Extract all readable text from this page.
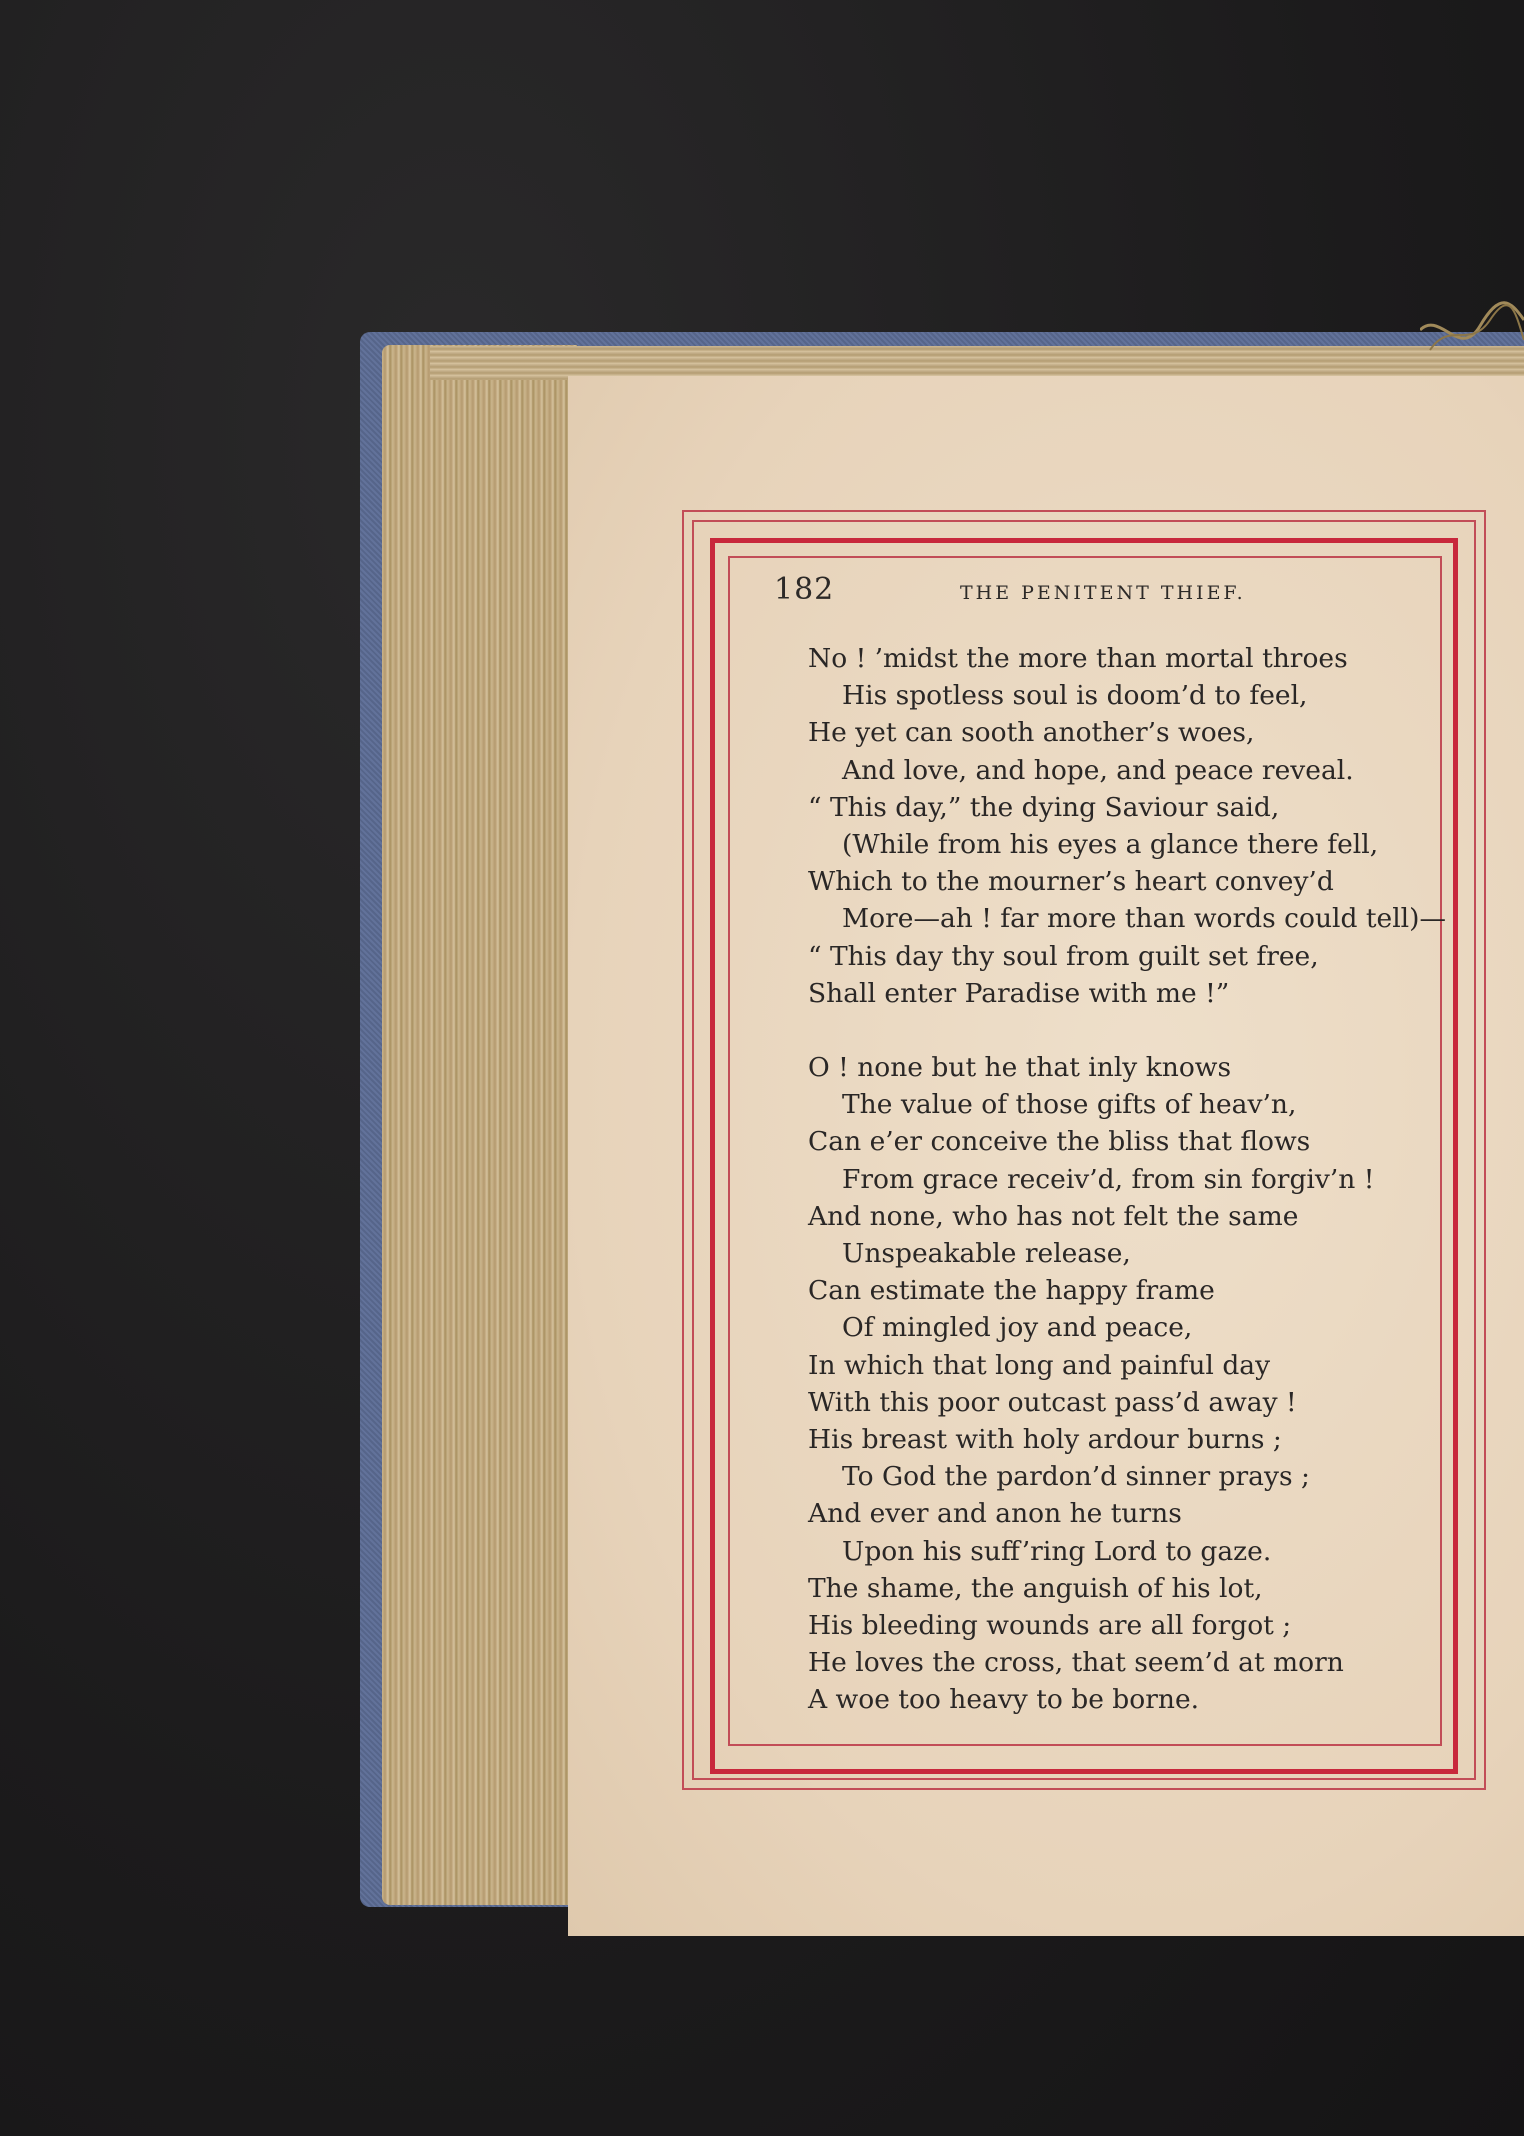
182	THE PENITENT THIEF.
No ! ’midst the more than mortal throes
His spotless soul is doom’d to feel,
He yet can sooth another’s woes,
And love, and hope, and peace reveal.
“ This day,” the dying Saviour said,
(While from his eyes a glance there fell,
Which to the mourner’s heart convey’d
More—ah ! far more than words could tell)—
“ This day thy soul from guilt set free,
Shall enter Paradise with me !”
O ! none but he that inly knows
The value of those gifts of heav’n,
Can e’er conceive the bliss that flows
From grace receiv’d, from sin forgiv’n !
And none, who has not felt the same
Unspeakable release,
Can estimate the happy frame
Of mingled joy and peace,
In which that long and painful day
With this poor outcast pass’d away !
His breast with holy ardour burns ;
To God the pardon’d sinner prays ;
And ever and anon he turns
Upon his suff’ring Lord to gaze.
The shame, the anguish of his lot,
His bleeding wounds are all forgot ;
He loves the cross, that seem’d at morn
A woe too heavy to be borne.
